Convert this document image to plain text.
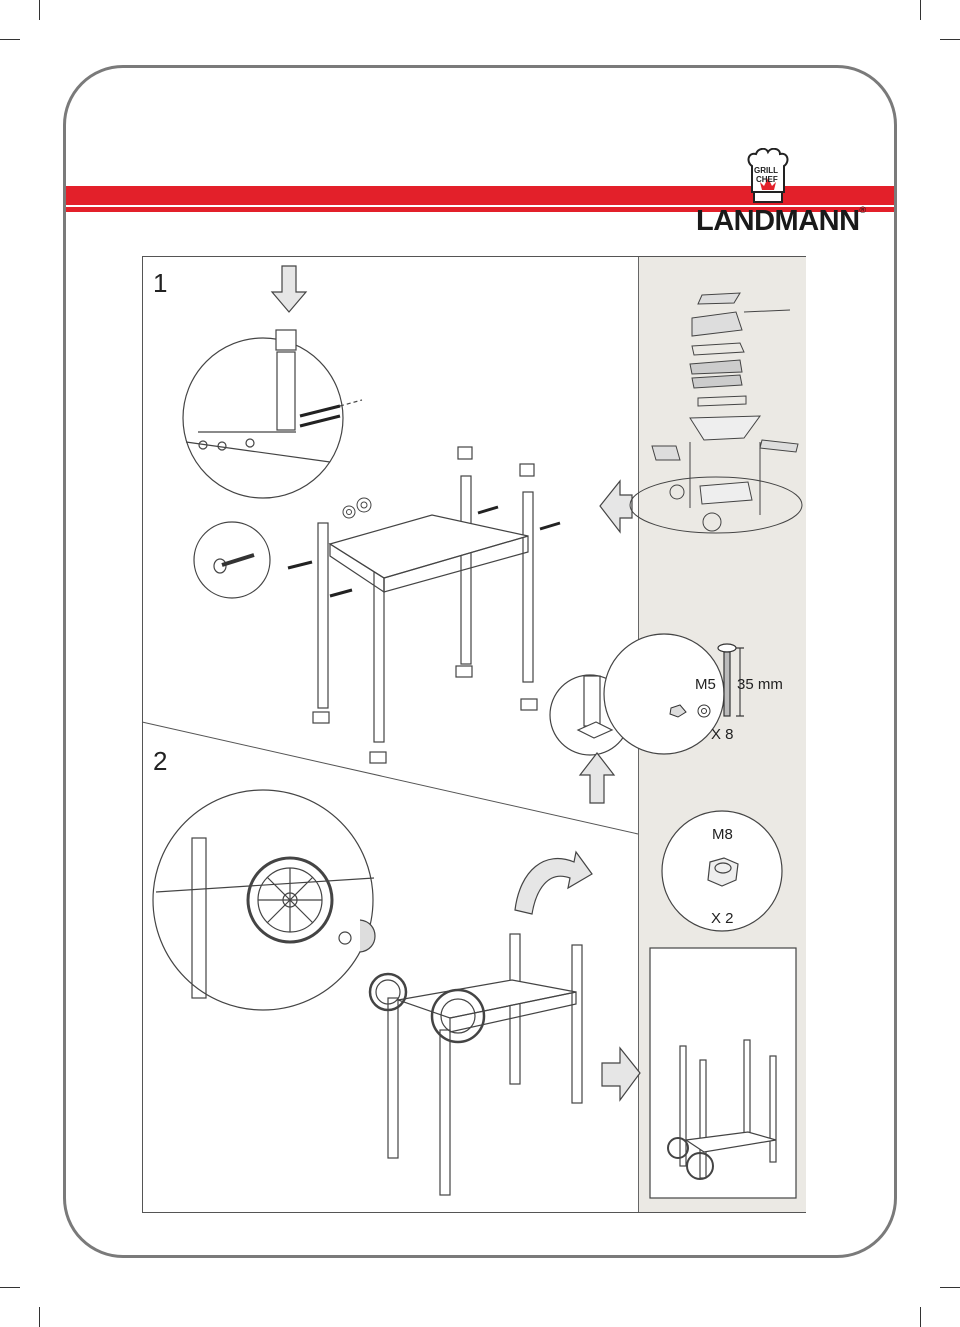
GRILL
CHEF
LANDMANN®
1
2
M5 35 mm
X 8
M8
X 2
